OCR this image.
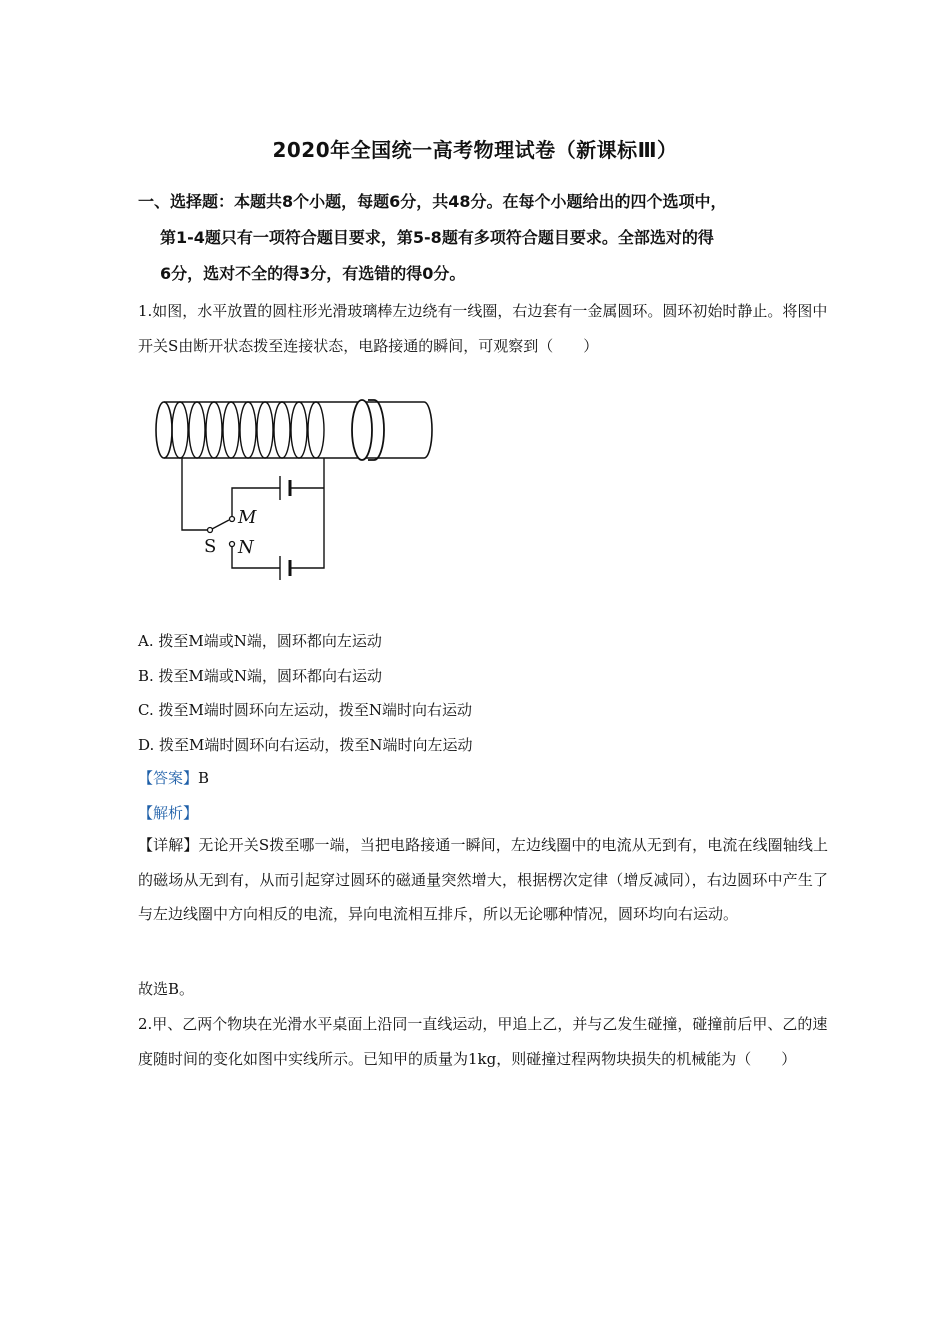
2020年全国统一高考物理试卷（新课标Ⅲ）
一、选择题：本题共8个小题，每题6分，共48分。在每个小题给出的四个选项中，
第1-4题只有一项符合题目要求，第5-8题有多项符合题目要求。全部选对的得
6分，选对不全的得3分，有选错的得0分。
1.如图，水平放置的圆柱形光滑玻璃棒左边绕有一线圈，右边套有一金属圆环。圆环初始时静止。将图中开关S由断开状态拨至连接状态，电路接通的瞬间，可观察到（　　）
M
N
S
A. 拨至M端或N端，圆环都向左运动
B. 拨至M端或N端，圆环都向右运动
C. 拨至M端时圆环向左运动，拨至N端时向右运动
D. 拨至M端时圆环向右运动，拨至N端时向左运动
【答案】B
【解析】
【详解】无论开关S拨至哪一端，当把电路接通一瞬间，左边线圈中的电流从无到有，电流在线圈轴线上的磁场从无到有，从而引起穿过圆环的磁通量突然增大，根据楞次定律（增反减同），右边圆环中产生了与左边线圈中方向相反的电流，异向电流相互排斥，所以无论哪种情况，圆环均向右运动。
故选B。
2.甲、乙两个物块在光滑水平桌面上沿同一直线运动，甲追上乙，并与乙发生碰撞，碰撞前后甲、乙的速度随时间的变化如图中实线所示。已知甲的质量为1kg，则碰撞过程两物块损失的机械能为（　　）
